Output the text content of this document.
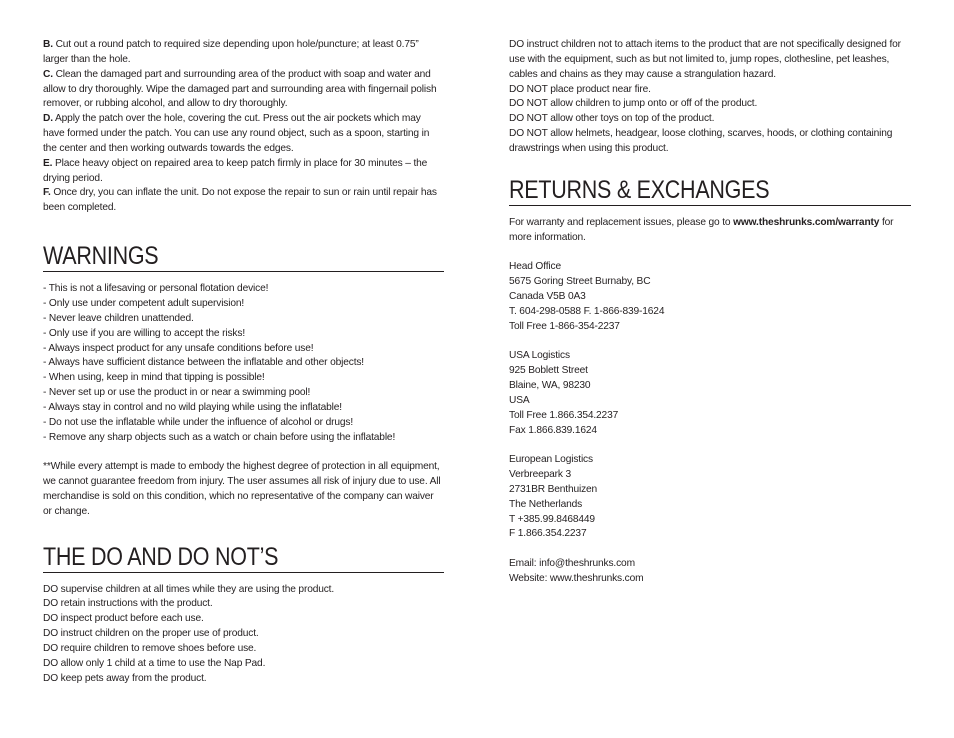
B. Cut out a round patch to required size depending upon hole/puncture; at least 0.75” larger than the hole.

C. Clean the damaged part and surrounding area of the product with soap and water and allow to dry thoroughly. Wipe the damaged part and surrounding area with fingernail polish remover, or rubbing alcohol, and allow to dry thoroughly.

D. Apply the patch over the hole, covering the cut. Press out the air pockets which may have formed under the patch. You can use any round object, such as a spoon, starting in the center and then working outwards towards the edges.

E. Place heavy object on repaired area to keep patch firmly in place for 30 minutes – the drying period.

F. Once dry, you can inflate the unit. Do not expose the repair to sun or rain until repair has been completed.

WARNINGS
- This is not a lifesaving or personal flotation device!
- Only use under competent adult supervision!
- Never leave children unattended.
- Only use if you are willing to accept the risks!
- Always inspect product for any unsafe conditions before use!
- Always have sufficient distance between the inflatable and other objects!
- When using, keep in mind that tipping is possible!
- Never set up or use the product in or near a swimming pool!
- Always stay in control and no wild playing while using the inflatable!
- Do not use the inflatable while under the influence of alcohol or drugs!
- Remove any sharp objects such as a watch or chain before using the inflatable!

**While every attempt is made to embody the highest degree of protection in all equipment, we cannot guarantee freedom from injury. The user assumes all risk of injury due to use. All merchandise is sold on this condition, which no representative of the company can waiver or change.

THE DO AND DO NOT’S
DO supervise children at all times while they are using the product.
DO retain instructions with the product.
DO inspect product before each use.
DO instruct children on the proper use of product.
DO require children to remove shoes before use.
DO allow only 1 child at a time to use the Nap Pad.
DO keep pets away from the product.

DO instruct children not to attach items to the product that are not specifically designed for use with the equipment, such as but not limited to, jump ropes, clothesline, pet leashes, cables and chains as they may cause a strangulation hazard.

DO NOT place product near fire.

DO NOT allow children to jump onto or off of the product.

DO NOT allow other toys on top of the product.

DO NOT allow helmets, headgear, loose clothing, scarves, hoods, or clothing containing drawstrings when using this product.

RETURNS & EXCHANGES

For warranty and replacement issues, please go to www.theshrunks.com/warranty for more information.

Head Office
5675 Goring Street Burnaby, BC
Canada V5B 0A3
T. 604-298-0588 F. 1-866-839-1624
Toll Free 1-866-354-2237
USA Logistics
925 Boblett Street
Blaine, WA, 98230
USA
Toll Free 1.866.354.2237
Fax 1.866.839.1624
European Logistics
Verbreepark 3
2731BR Benthuizen
The Netherlands
T +385.99.8468449
F 1.866.354.2237
Email: info@theshrunks.com
Website: www.theshrunks.com
